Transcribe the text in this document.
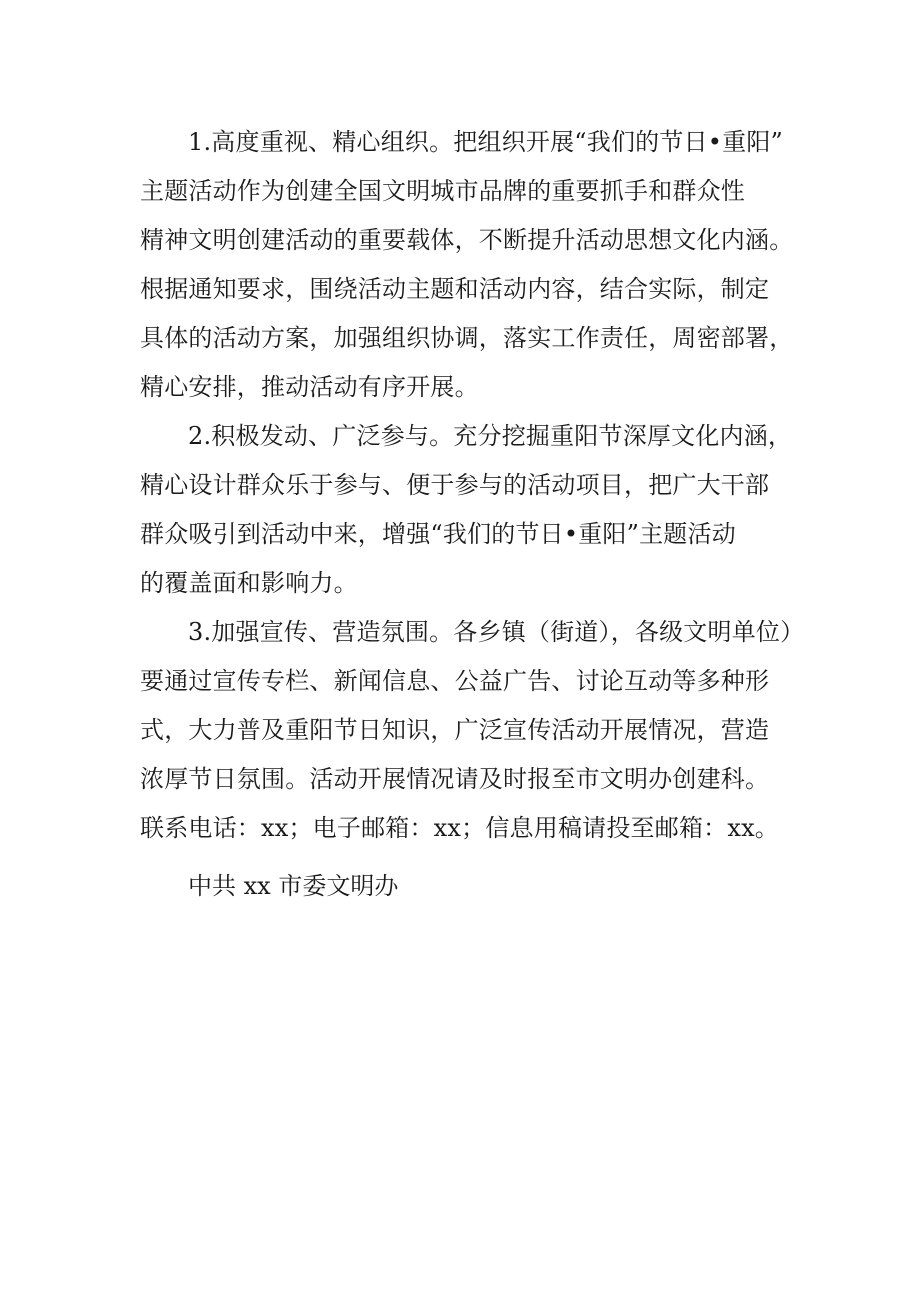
1.高度重视、精心组织。把组织开展“我们的节日•重阳”
主题活动作为创建全国文明城市品牌的重要抓手和群众性
精神文明创建活动的重要载体，不断提升活动思想文化内涵。
根据通知要求，围绕活动主题和活动内容，结合实际，制定
具体的活动方案，加强组织协调，落实工作责任，周密部署，
精心安排，推动活动有序开展。
2.积极发动、广泛参与。充分挖掘重阳节深厚文化内涵，
精心设计群众乐于参与、便于参与的活动项目，把广大干部
群众吸引到活动中来，增强“我们的节日•重阳”主题活动
的覆盖面和影响力。
3.加强宣传、营造氛围。各乡镇（街道），各级文明单位）
要通过宣传专栏、新闻信息、公益广告、讨论互动等多种形
式，大力普及重阳节日知识，广泛宣传活动开展情况，营造
浓厚节日氛围。活动开展情况请及时报至市文明办创建科。
联系电话：xx；电子邮箱：xx；信息用稿请投至邮箱：xx。
中共 xx 市委文明办
